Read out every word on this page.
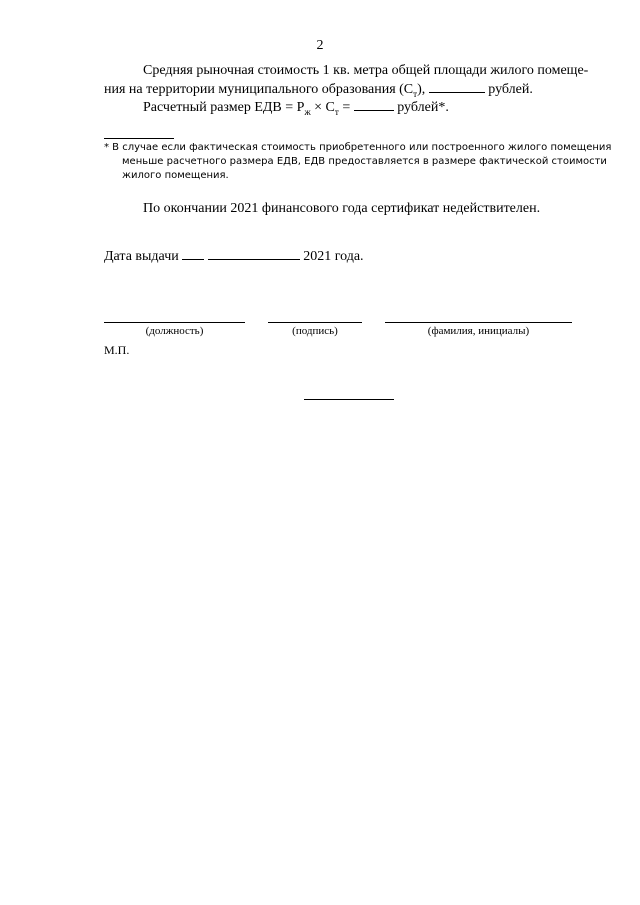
2
Средняя рыночная стоимость 1 кв. метра общей площади жилого помеще-
ния на территории муниципального образования $(С_т)$,	рублей.
Расчетный размер ЕДВ = $Р_ж \times С_т$ =	рублей*.
* В случае если фактическая стоимость приобретенного или построенного жилого помещения
меньше расчетного размера ЕДВ, ЕДВ предоставляется в размере фактической стоимости
жилого помещения.
По окончании 2021 финансового года сертификат недействителен.
Дата выдачи	2021 года.
(должность)	(подпись)	(фамилия, инициалы)
М.П.
